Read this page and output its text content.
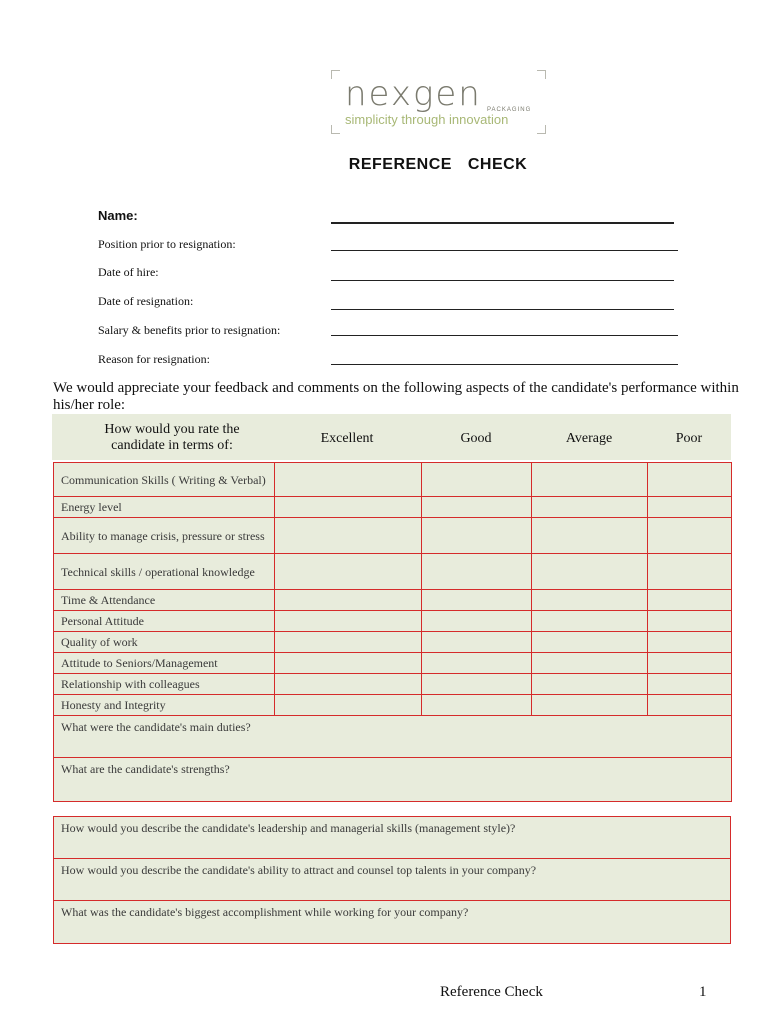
nexgen PACKAGING
simplicity through innovation
REFERENCE  CHECK
Name:
Position prior to resignation:
Date of hire:
Date of resignation:
Salary & benefits prior to resignation:
Reason for resignation:
We would appreciate your feedback and comments on the following aspects of the candidate's performance within his/her role:
How would you rate the candidate in terms of:	Excellent	Good	Average	Poor
Communication Skills ( Writing & Verbal)				
Energy level				
Ability to manage crisis, pressure or stress				
Technical skills / operational knowledge				
Time & Attendance				
Personal Attitude				
Quality of work				
Attitude to Seniors/Management				
Relationship with colleagues				
Honesty and Integrity				
What were the candidate's main duties?				
What are the candidate's strengths?				
How would you describe the candidate's leadership and managerial skills (management style)?
How would you describe the candidate's ability to attract and counsel top talents in your company?
What was the candidate's biggest accomplishment while working for your company?
Reference Check	1
